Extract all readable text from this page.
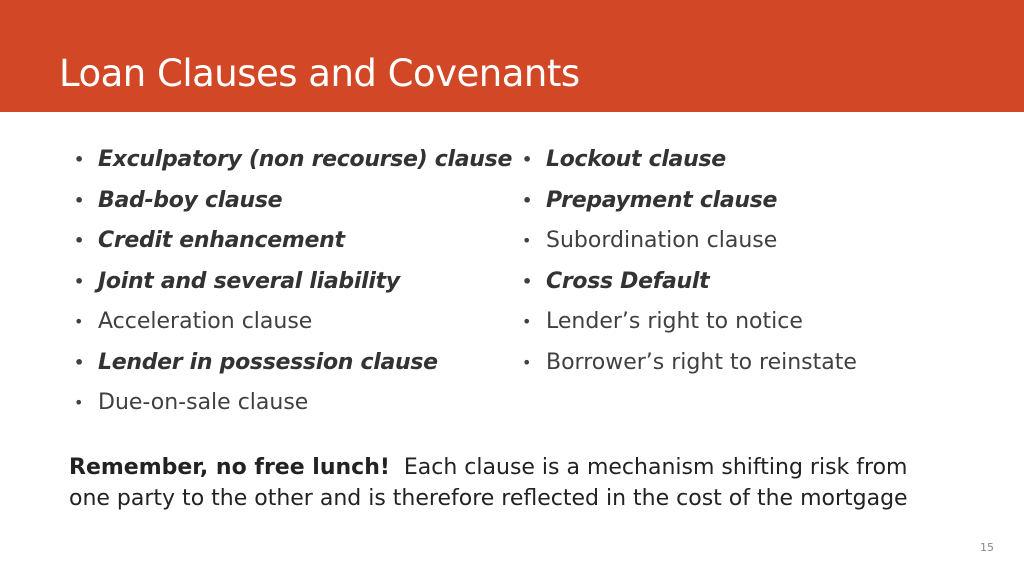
Loan Clauses and Covenants
• Exculpatory (non recourse) clause
• Bad-boy clause
• Credit enhancement
• Joint and several liability
• Acceleration clause
• Lender in possession clause
• Due-on-sale clause
• Lockout clause
• Prepayment clause
• Subordination clause
• Cross Default
• Lender’s right to notice
• Borrower’s right to reinstate

Remember, no free lunch! Each clause is a mechanism shifting risk from one party to the other and is therefore reflected in the cost of the mortgage

15
